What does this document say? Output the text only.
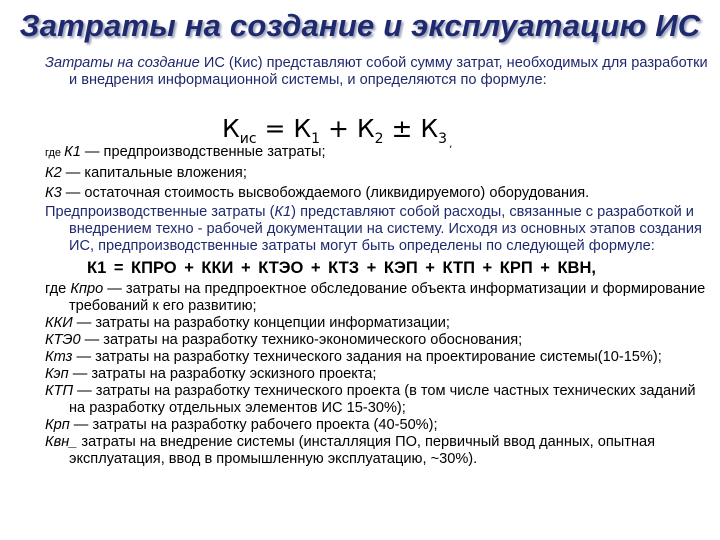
Затраты на создание и эксплуатацию ИС
$К_{ис} = К_1 + К_2 \pm К_3$ $_,$

Затраты на создание ИС (Кис) представляют собой сумму затрат, необходимых для разработки и внедрения информационной системы, и определяются по формуле:

где К1 — предпроизводственные затраты;

К2 — капитальные вложения;

К3 — остаточная стоимость высвобождаемого (ликвидируемого) оборудования.

Предпроизводственные затраты (К1) представляют собой расходы, связанные с разработкой и внедрением техно - рабочей документации на систему. Исходя из основных этапов создания ИС, предпроизводственные затраты могут быть определены по следующей формуле:

К1 = КПРО + ККИ + КТЭО + КТЗ + КЭП + КТП + КРП + КВН,

где Кпро — затраты на предпроектное обследование объекта информатизации и формирование требований к его развитию;

ККИ — затраты на разработку концепции информатизации;

КТЭ0 — затраты на разработку технико-экономического обоснования;

Ктз — затраты на разработку технического задания на проектирование системы(10-15%);

Кэп — затраты на разработку эскизного проекта;

КТП — затраты на разработку технического проекта (в том числе частных технических заданий на разработку отдельных элементов ИС 15-30%);

Крп — затраты на разработку рабочего проекта (40-50%);

Квн_ затраты на внедрение системы (инсталляция ПО, первичный ввод данных, опытная эксплуатация, ввод в промышленную эксплуатацию, ~30%).
